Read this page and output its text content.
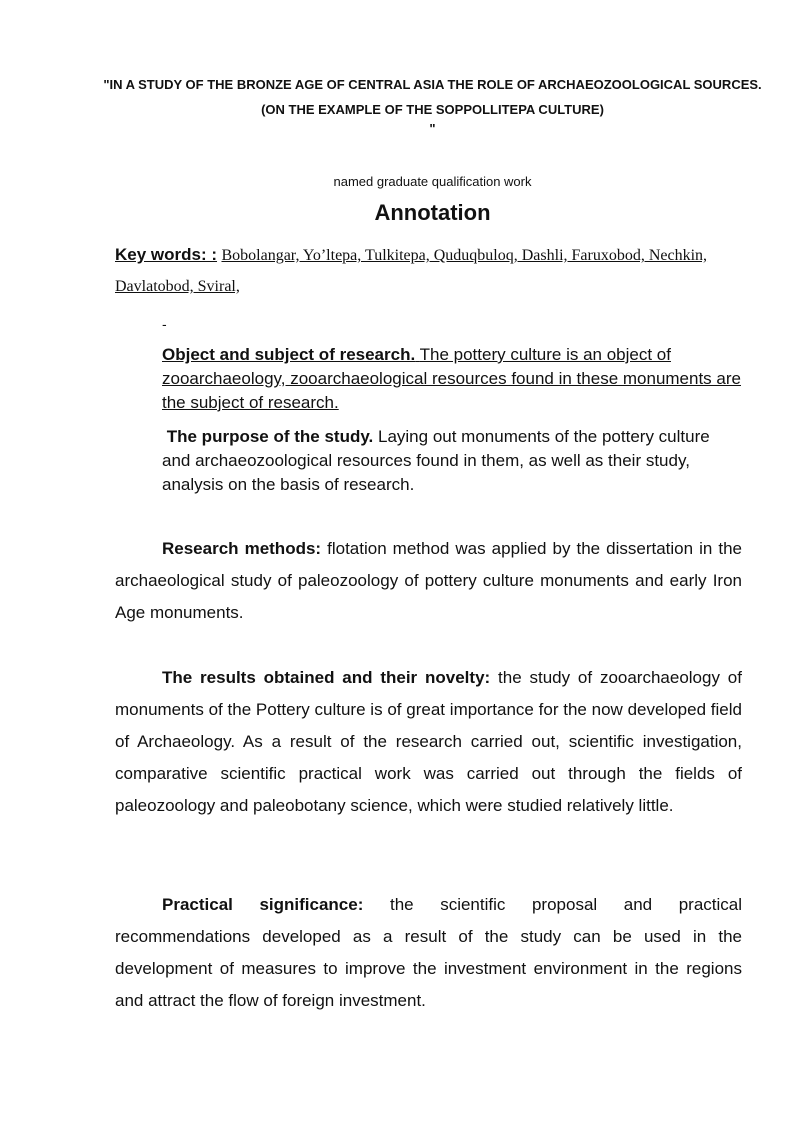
"IN A STUDY OF THE BRONZE AGE OF CENTRAL ASIA THE ROLE OF ARCHAEOZOOLOGICAL SOURCES. (ON THE EXAMPLE OF THE SOPPOLLITEPA CULTURE)
"
named graduate qualification work
Annotation
Key words: : Bobolangar, Yo’ltepa, Tulkitepa, Quduqbuloq, Dashli, Faruxobod, Nechkin, Davlatobod, Sviral,
-
Object and subject of research. The pottery culture is an object of zooarchaeology, zooarchaeological resources found in these monuments are the subject of research.
The purpose of the study. Laying out monuments of the pottery culture and archaeozoological resources found in them, as well as their study, analysis on the basis of research.
Research methods: flotation method was applied by the dissertation in the archaeological study of paleozoology of pottery culture monuments and early Iron Age monuments.
The results obtained and their novelty: the study of zooarchaeology of monuments of the Pottery culture is of great importance for the now developed field of Archaeology. As a result of the research carried out, scientific investigation, comparative scientific practical work was carried out through the fields of paleozoology and paleobotany science, which were studied relatively little.
Practical significance: the scientific proposal and practical recommendations developed as a result of the study can be used in the development of measures to improve the investment environment in the regions and attract the flow of foreign investment.
